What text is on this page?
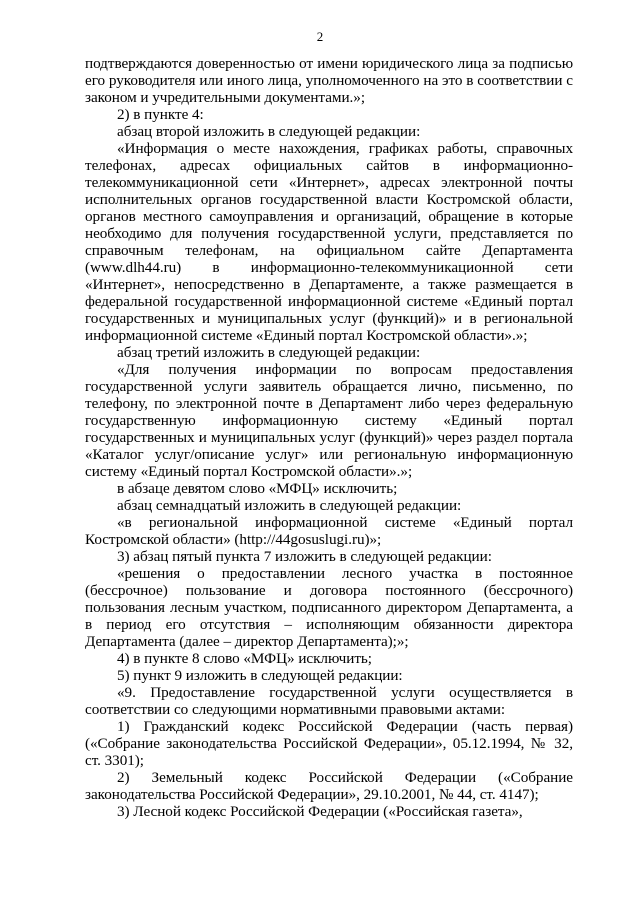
2

подтверждаются доверенностью от имени юридического лица за подписью его руководителя или иного лица, уполномоченного на это в соответствии с законом и учредительными документами.»;

2) в пункте 4:

абзац второй изложить в следующей редакции:

«Информация о месте нахождения, графиках работы, справочных телефонах, адресах официальных сайтов в информационно-телекоммуникационной сети «Интернет», адресах электронной почты исполнительных органов государственной власти Костромской области, органов местного самоуправления и организаций, обращение в которые необходимо для получения государственной услуги, представляется по справочным телефонам, на официальном сайте Департамента (www.dlh44.ru) в информационно-телекоммуникационной сети «Интернет», непосредственно в Департаменте, а также размещается в федеральной государственной информационной системе «Единый портал государственных и муниципальных услуг (функций)» и в региональной информационной системе «Единый портал Костромской области».»;

абзац третий изложить в следующей редакции:

«Для получения информации по вопросам предоставления государственной услуги заявитель обращается лично, письменно, по телефону, по электронной почте в Департамент либо через федеральную государственную информационную систему «Единый портал государственных и муниципальных услуг (функций)» через раздел портала «Каталог услуг/описание услуг» или региональную информационную систему «Единый портал Костромской области».»;

в абзаце девятом слово «МФЦ» исключить;

абзац семнадцатый изложить в следующей редакции:

«в региональной информационной системе «Единый портал Костромской области» (http://44gosuslugi.ru)»;

3) абзац пятый пункта 7 изложить в следующей редакции:

«решения о предоставлении лесного участка в постоянное (бессрочное) пользование и договора постоянного (бессрочного) пользования лесным участком, подписанного директором Департамента, а в период его отсутствия – исполняющим обязанности директора Департамента (далее – директор Департамента);»;

4) в пункте 8 слово «МФЦ» исключить;

5) пункт 9 изложить в следующей редакции:

«9. Предоставление государственной услуги осуществляется в соответствии со следующими нормативными правовыми актами:

1) Гражданский кодекс Российской Федерации (часть первая) («Собрание законодательства Российской Федерации», 05.12.1994, № 32, ст. 3301);

2) Земельный кодекс Российской Федерации («Собрание законодательства Российской Федерации», 29.10.2001, № 44, ст. 4147);

3) Лесной кодекс Российской Федерации («Российская газета»,
